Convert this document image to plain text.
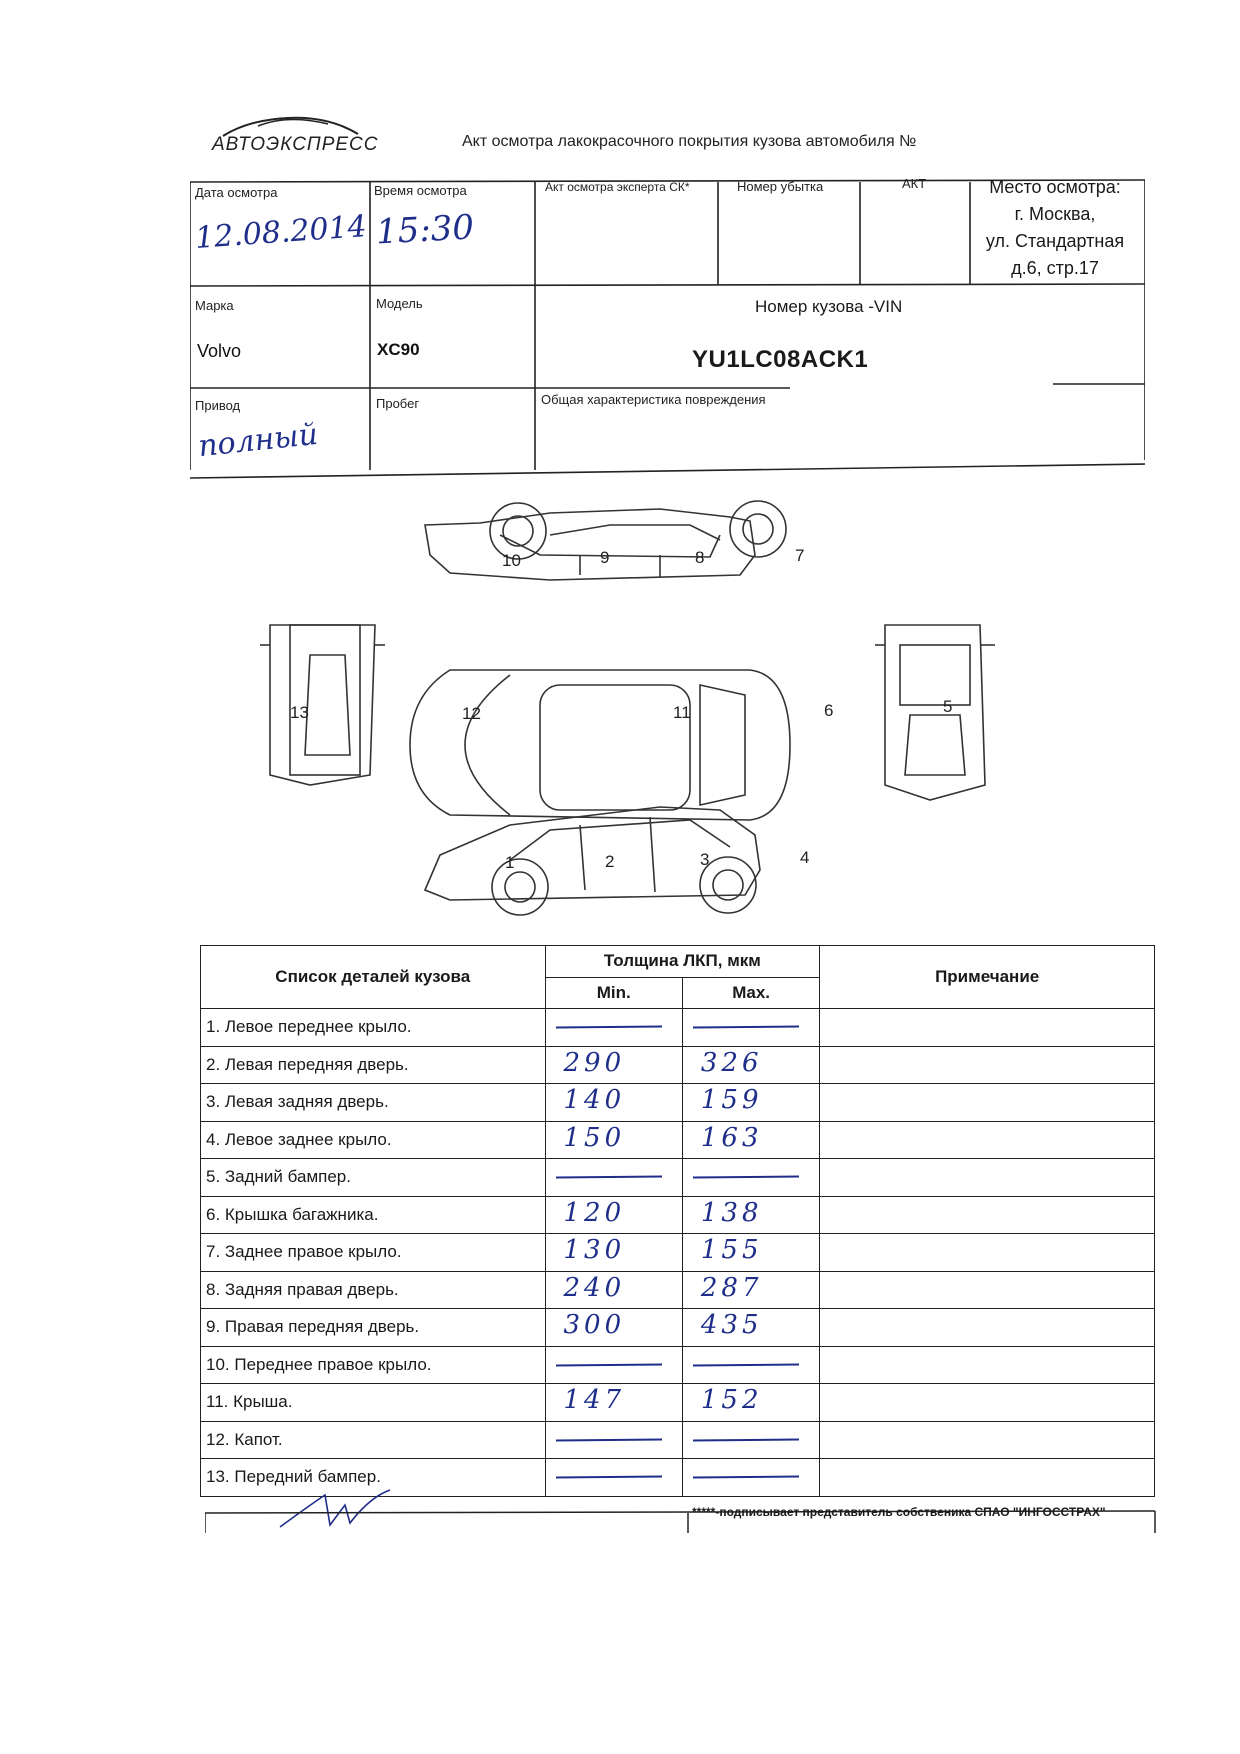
АВТОЭКСПРЕСС	Акт осмотра лакокрасочного покрытия кузова автомобиля №
Дата осмотра
12.08.2014
Время осмотра
15:30
Акт осмотра эксперта СК*	Номер убытка	АКТ	Место осмотра:
г. Москва,
ул. Стандартная
д.6, стр.17
Марка
Volvo
Модель
XC90
Номер кузова -VIN
YU1LC08ACK1
Привод
полный
Пробег	Общая характеристика повреждения
10	9	8	7
13	12	11	6	5
1	2	3	4
Список деталей кузова	Толщина ЛКП, мкм		Примечание
	Min.	Max.	
1. Левое переднее крыло.	

2. Левая передняя дверь.	290	326	

3. Левая задняя дверь.	140	159	

4. Левое заднее крыло.	150	163	

5. Задний бампер.	

6. Крышка багажника.	120	138	

7. Заднее правое крыло.	130	155	

8. Задняя правая дверь.	240	287	

9. Правая передняя дверь.	300	435	

10. Переднее правое крыло.	

11. Крыша.	147	152	

12. Капот.	

13. Передний бампер.	

*****-подписывает представитель собственика СПАО "ИНГОССТРАХ"
